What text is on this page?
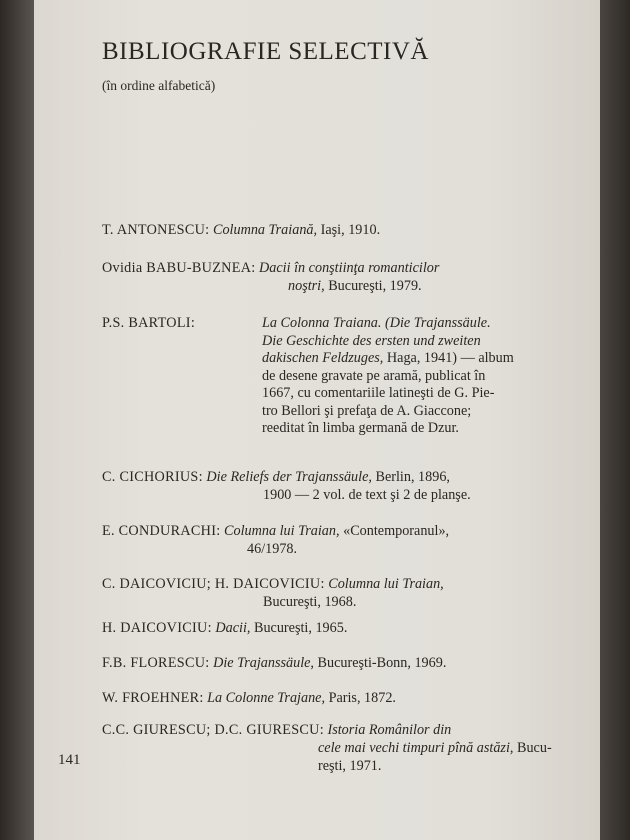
BIBLIOGRAFIE SELECTIVĂ
(în ordine alfabetică)
T. ANTONESCU: Columna Traiană, Iaşi, 1910.
Ovidia BABU-BUZNEA: Dacii în conştiinţa romanticilor
noştri, Bucureşti, 1979.
P.S. BARTOLI:	La Colonna Traiana. (Die Trajanssäule.
Die Geschichte des ersten und zweiten
dakischen Feldzuges, Haga, 1941) — album
de desene gravate pe aramă, publicat în
1667, cu comentariile latineşti de G. Pie-
tro Bellori şi prefaţa de A. Giaccone;
reeditat în limba germană de Dzur.
C. CICHORIUS: Die Reliefs der Trajanssäule, Berlin, 1896,
1900 — 2 vol. de text şi 2 de planşe.
E. CONDURACHI: Columna lui Traian, «Contemporanul»,
46/1978.
C. DAICOVICIU; H. DAICOVICIU: Columna lui Traian,
Bucureşti, 1968.
H. DAICOVICIU: Dacii, Bucureşti, 1965.
F.B. FLORESCU: Die Trajanssäule, Bucureşti-Bonn, 1969.
W. FROEHNER: La Colonne Trajane, Paris, 1872.
C.C. GIURESCU; D.C. GIURESCU: Istoria Românilor din
cele mai vechi timpuri pînă astăzi, Bucu-
reşti, 1971.
141
